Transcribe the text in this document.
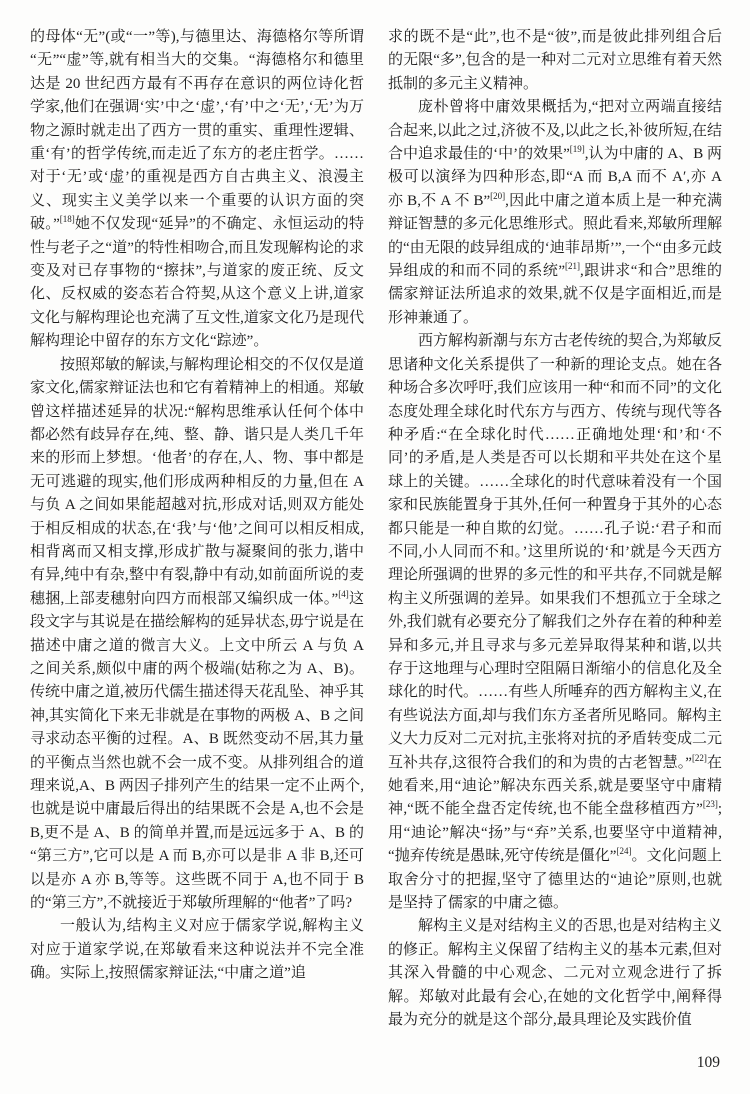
的母体“无”(或“一”等),与德里达、海德格尔等所谓“无”“虚”等,就有相当大的交集。“海德格尔和德里达是 20 世纪西方最有不再存在意识的两位诗化哲学家,他们在强调‘实’中之‘虚’,‘有’中之‘无’,‘无’为万物之源时就走出了西方一贯的重实、重理性逻辑、重‘有’的哲学传统,而走近了东方的老庄哲学。……对于‘无’或‘虚’的重视是西方自古典主义、浪漫主义、现实主义美学以来一个重要的认识方面的突破。”[18]她不仅发现“延异”的不确定、永恒运动的特性与老子之“道”的特性相吻合,而且发现解构论的求变及对已存事物的“擦抹”,与道家的废正统、反文化、反权威的姿态若合符契,从这个意义上讲,道家文化与解构理论也充满了互文性,道家文化乃是现代解构理论中留存的东方文化“踪迹”。

按照郑敏的解读,与解构理论相交的不仅仅是道家文化,儒家辩证法也和它有着精神上的相通。郑敏曾这样描述延异的状况:“解构思维承认任何个体中都必然有歧异存在,纯、整、静、谐只是人类几千年来的形而上梦想。‘他者’的存在,人、物、事中都是无可逃避的现实,他们形成两种相反的力量,但在 A 与负 A 之间如果能超越对抗,形成对话,则双方能处于相反相成的状态,在‘我’与‘他’之间可以相反相成,相背离而又相支撑,形成扩散与凝聚间的张力,谐中有异,纯中有杂,整中有裂,静中有动,如前面所说的麦穗捆,上部麦穗射向四方而根部又编织成一体。”[4]这段文字与其说是在描绘解构的延异状态,毋宁说是在描述中庸之道的微言大义。上文中所云 A 与负 A 之间关系,颇似中庸的两个极端(姑称之为 A、B)。传统中庸之道,被历代儒生描述得天花乱坠、神乎其神,其实简化下来无非就是在事物的两极 A、B 之间寻求动态平衡的过程。A、B 既然变动不居,其力量的平衡点当然也就不会一成不变。从排列组合的道理来说,A、B 两因子排列产生的结果一定不止两个,也就是说中庸最后得出的结果既不会是 A,也不会是 B,更不是 A、B 的简单并置,而是远远多于 A、B 的“第三方”,它可以是 A 而 B,亦可以是非 A 非 B,还可以是亦 A 亦 B,等等。这些既不同于 A,也不同于 B 的“第三方”,不就接近于郑敏所理解的“他者”了吗?

一般认为,结构主义对应于儒家学说,解构主义对应于道家学说,在郑敏看来这种说法并不完全准确。实际上,按照儒家辩证法,“中庸之道”追

求的既不是“此”,也不是“彼”,而是彼此排列组合后的无限“多”,包含的是一种对二元对立思维有着天然抵制的多元主义精神。

庞朴曾将中庸效果概括为,“把对立两端直接结合起来,以此之过,济彼不及,以此之长,补彼所短,在结合中追求最佳的‘中’的效果”[19],认为中庸的 A、B 两极可以演绎为四种形态,即“A 而 B,A 而不 A′,亦 A 亦 B,不 A 不 B”[20],因此中庸之道本质上是一种充满辩证智慧的多元化思维形式。照此看来,郑敏所理解的“由无限的歧异组成的‘迪菲昂斯’”,一个“由多元歧异组成的和而不同的系统”[21],跟讲求“和合”思维的儒家辩证法所追求的效果,就不仅是字面相近,而是形神兼通了。

西方解构新潮与东方古老传统的契合,为郑敏反思诸种文化关系提供了一种新的理论支点。她在各种场合多次呼吁,我们应该用一种“和而不同”的文化态度处理全球化时代东方与西方、传统与现代等各种矛盾:“在全球化时代……正确地处理‘和’和‘不同’的矛盾,是人类是否可以长期和平共处在这个星球上的关键。……全球化的时代意味着没有一个国家和民族能置身于其外,任何一种置身于其外的心态都只能是一种自欺的幻觉。……孔子说:‘君子和而不同,小人同而不和。’这里所说的‘和’就是今天西方理论所强调的世界的多元性的和平共存,不同就是解构主义所强调的差异。如果我们不想孤立于全球之外,我们就有必要充分了解我们之外存在着的种种差异和多元,并且寻求与多元差异取得某种和谐,以共存于这地理与心理时空阻隔日渐缩小的信息化及全球化的时代。……有些人所唾弃的西方解构主义,在有些说法方面,却与我们东方圣者所见略同。解构主义大力反对二元对抗,主张将对抗的矛盾转变成二元互补共存,这很符合我们的和为贵的古老智慧。”[22]在她看来,用“迪论”解决东西关系,就是要坚守中庸精神,“既不能全盘否定传统,也不能全盘移植西方”[23];用“迪论”解决“扬”与“弃”关系,也要坚守中道精神,“抛弃传统是愚昧,死守传统是僵化”[24]。文化问题上取舍分寸的把握,坚守了德里达的“迪论”原则,也就是坚持了儒家的中庸之德。

解构主义是对结构主义的否思,也是对结构主义的修正。解构主义保留了结构主义的基本元素,但对其深入骨髓的中心观念、二元对立观念进行了拆解。郑敏对此最有会心,在她的文化哲学中,阐释得最为充分的就是这个部分,最具理论及实践价值

109
